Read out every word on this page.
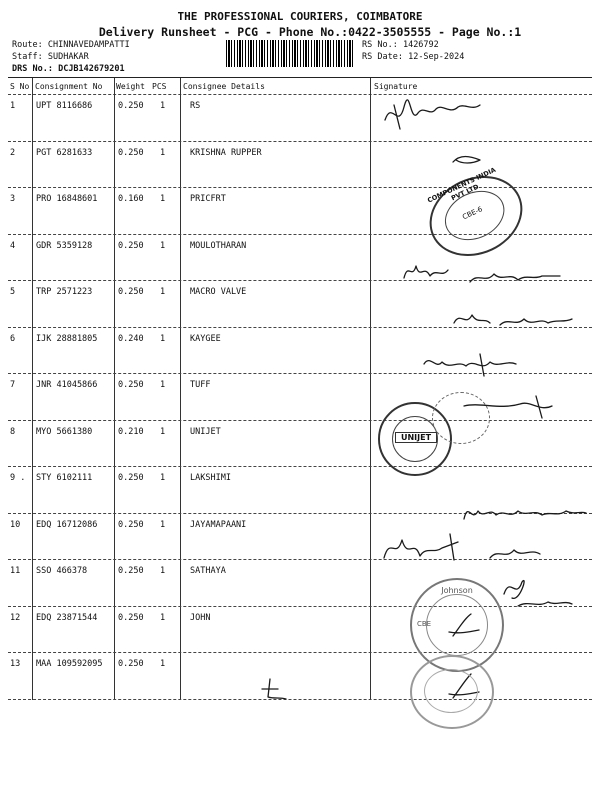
THE PROFESSIONAL COURIERS, COIMBATORE
Delivery Runsheet - PCG - Phone No.:0422-3505555 - Page No.:1
Route: CHINNAVEDAMPATTI
Staff: SUDHAKAR
DRS No.: DCJB142679201
RS No.: 1426792
RS Date: 12-Sep-2024
S No Consignment No Weight PCS Consignee Details	Signature
1 UPT 8116686	0.250 1	RS
2 PGT 6281633	0.250 1	KRISHNA RUPPER
3 PRO 16848601 0.160 1	PRICFRT
4 GDR 5359128	0.250 1	MOULOTHARAN
5 TRP 2571223	0.250 1	MACRO VALVE
6 IJK 28881805 0.240 1	KAYGEE
7 JNR 41045866 0.250 1	TUFF
8 MYO 5661380	0.210 1	UNIJET
9 . STY 6102111	0.250 1	LAKSHIMI
10 EDQ 16712086 0.250 1	JAYAMAPAANI
11 SSO 466378	0.250 1	SATHAYA
12 EDQ 23871544 0.250 1	JOHN
13 MAA 109592095 0.250 1
COMPONENTS INDIA PVT LTD
CBE-6
UNIJET
Johnson
CBE
